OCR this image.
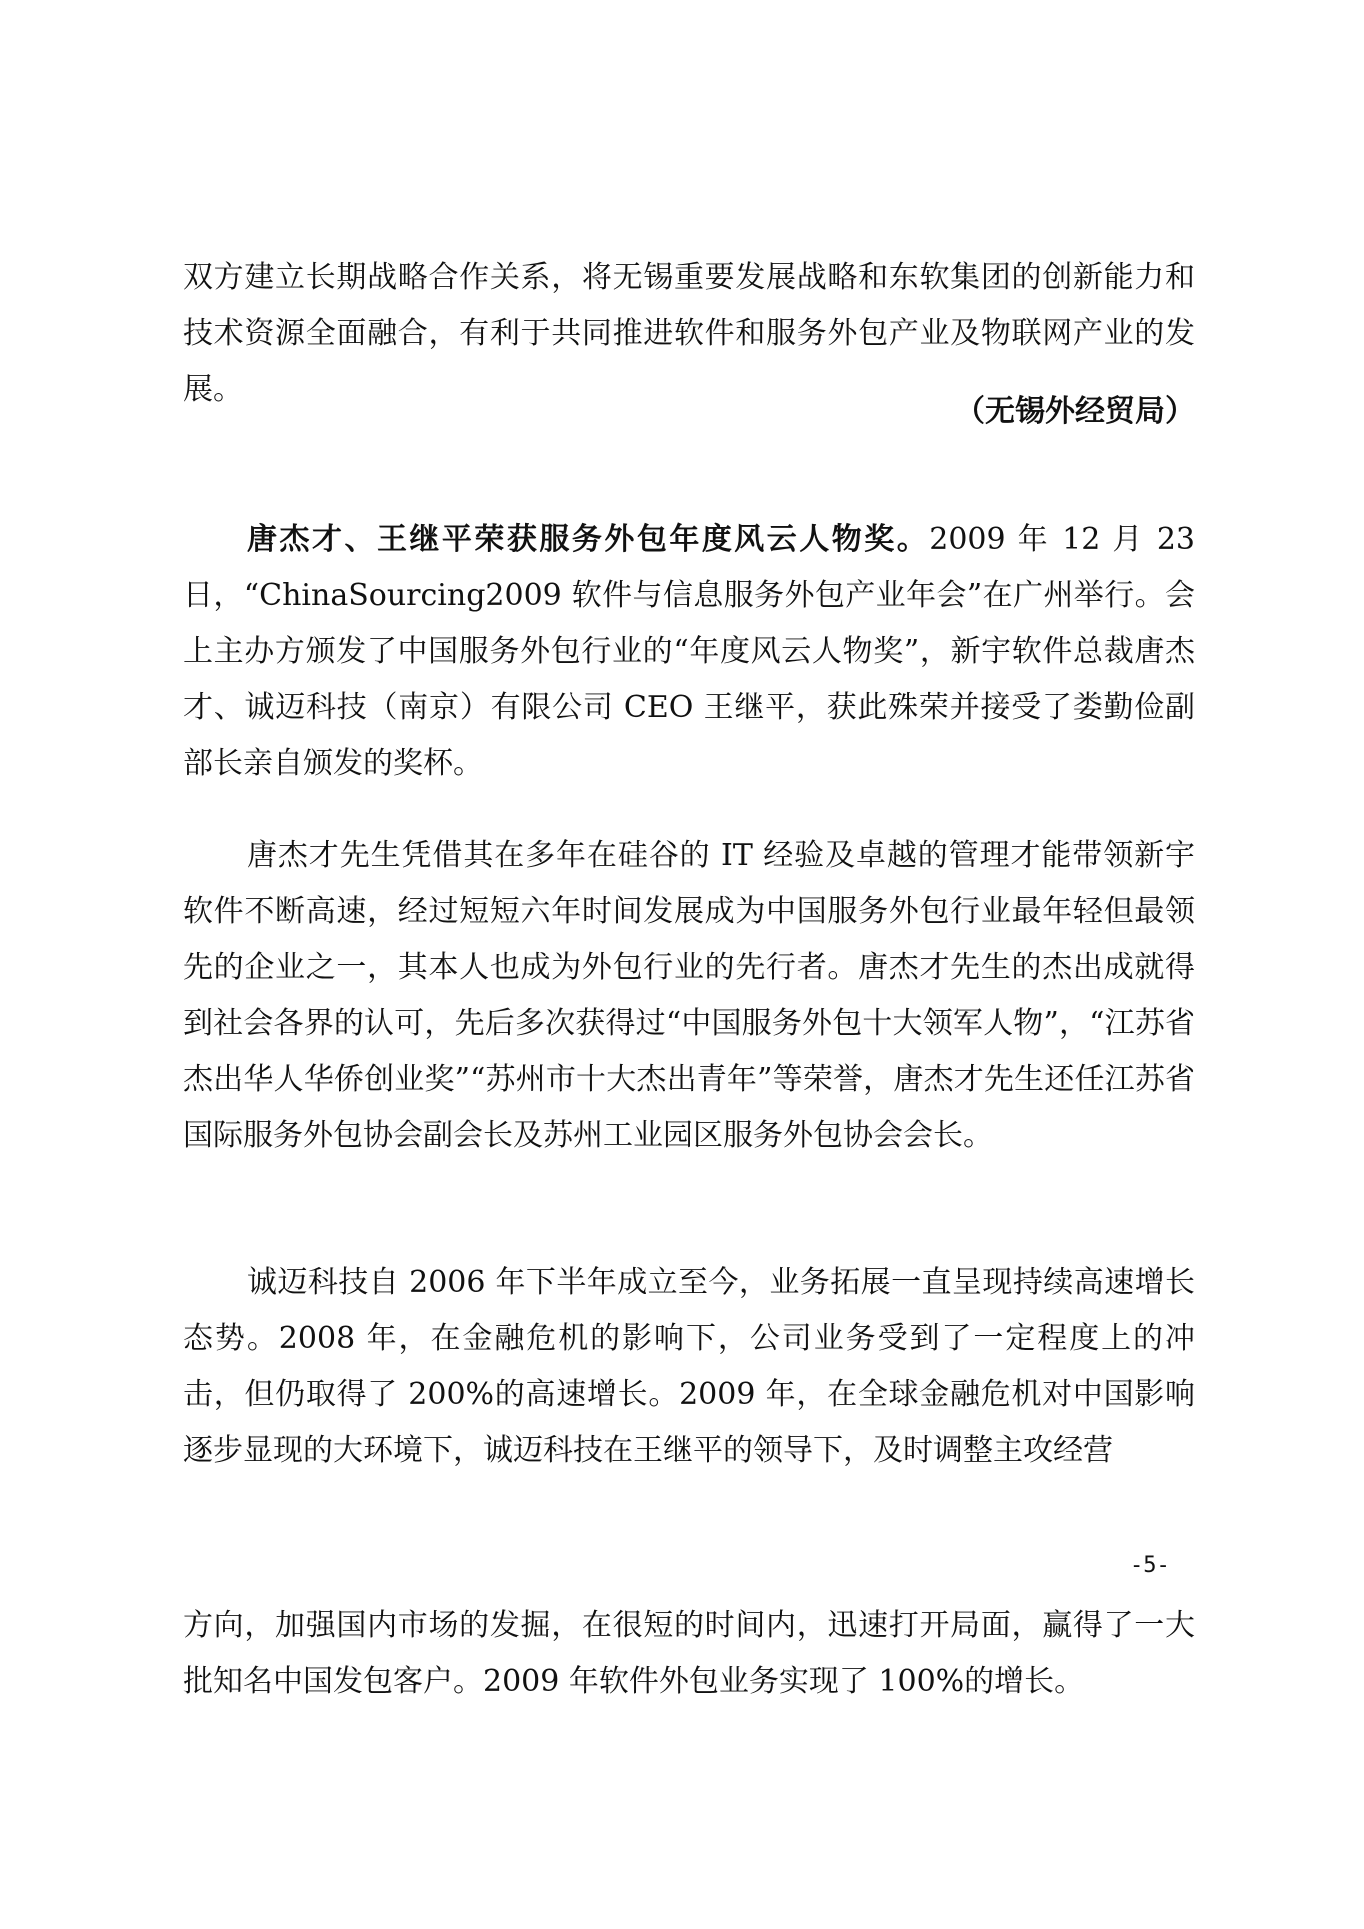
双方建立长期战略合作关系，将无锡重要发展战略和东软集团的创新能力和技术资源全面融合，有利于共同推进软件和服务外包产业及物联网产业的发展。
（无锡外经贸局）
唐杰才、王继平荣获服务外包年度风云人物奖。2009 年 12 月 23 日，“ChinaSourcing2009 软件与信息服务外包产业年会”在广州举行。会上主办方颁发了中国服务外包行业的“年度风云人物奖”，新宇软件总裁唐杰才、诚迈科技（南京）有限公司 CEO 王继平，获此殊荣并接受了娄勤俭副部长亲自颁发的奖杯。
唐杰才先生凭借其在多年在硅谷的 IT 经验及卓越的管理才能带领新宇软件不断高速，经过短短六年时间发展成为中国服务外包行业最年轻但最领先的企业之一，其本人也成为外包行业的先行者。唐杰才先生的杰出成就得到社会各界的认可，先后多次获得过“中国服务外包十大领军人物”，“江苏省杰出华人华侨创业奖”“苏州市十大杰出青年”等荣誉，唐杰才先生还任江苏省国际服务外包协会副会长及苏州工业园区服务外包协会会长。
诚迈科技自 2006 年下半年成立至今，业务拓展一直呈现持续高速增长态势。2008 年，在金融危机的影响下，公司业务受到了一定程度上的冲击，但仍取得了 200%的高速增长。2009 年，在全球金融危机对中国影响逐步显现的大环境下，诚迈科技在王继平的领导下，及时调整主攻经营
-5-
方向，加强国内市场的发掘，在很短的时间内，迅速打开局面，赢得了一大批知名中国发包客户。2009 年软件外包业务实现了 100%的增长。
